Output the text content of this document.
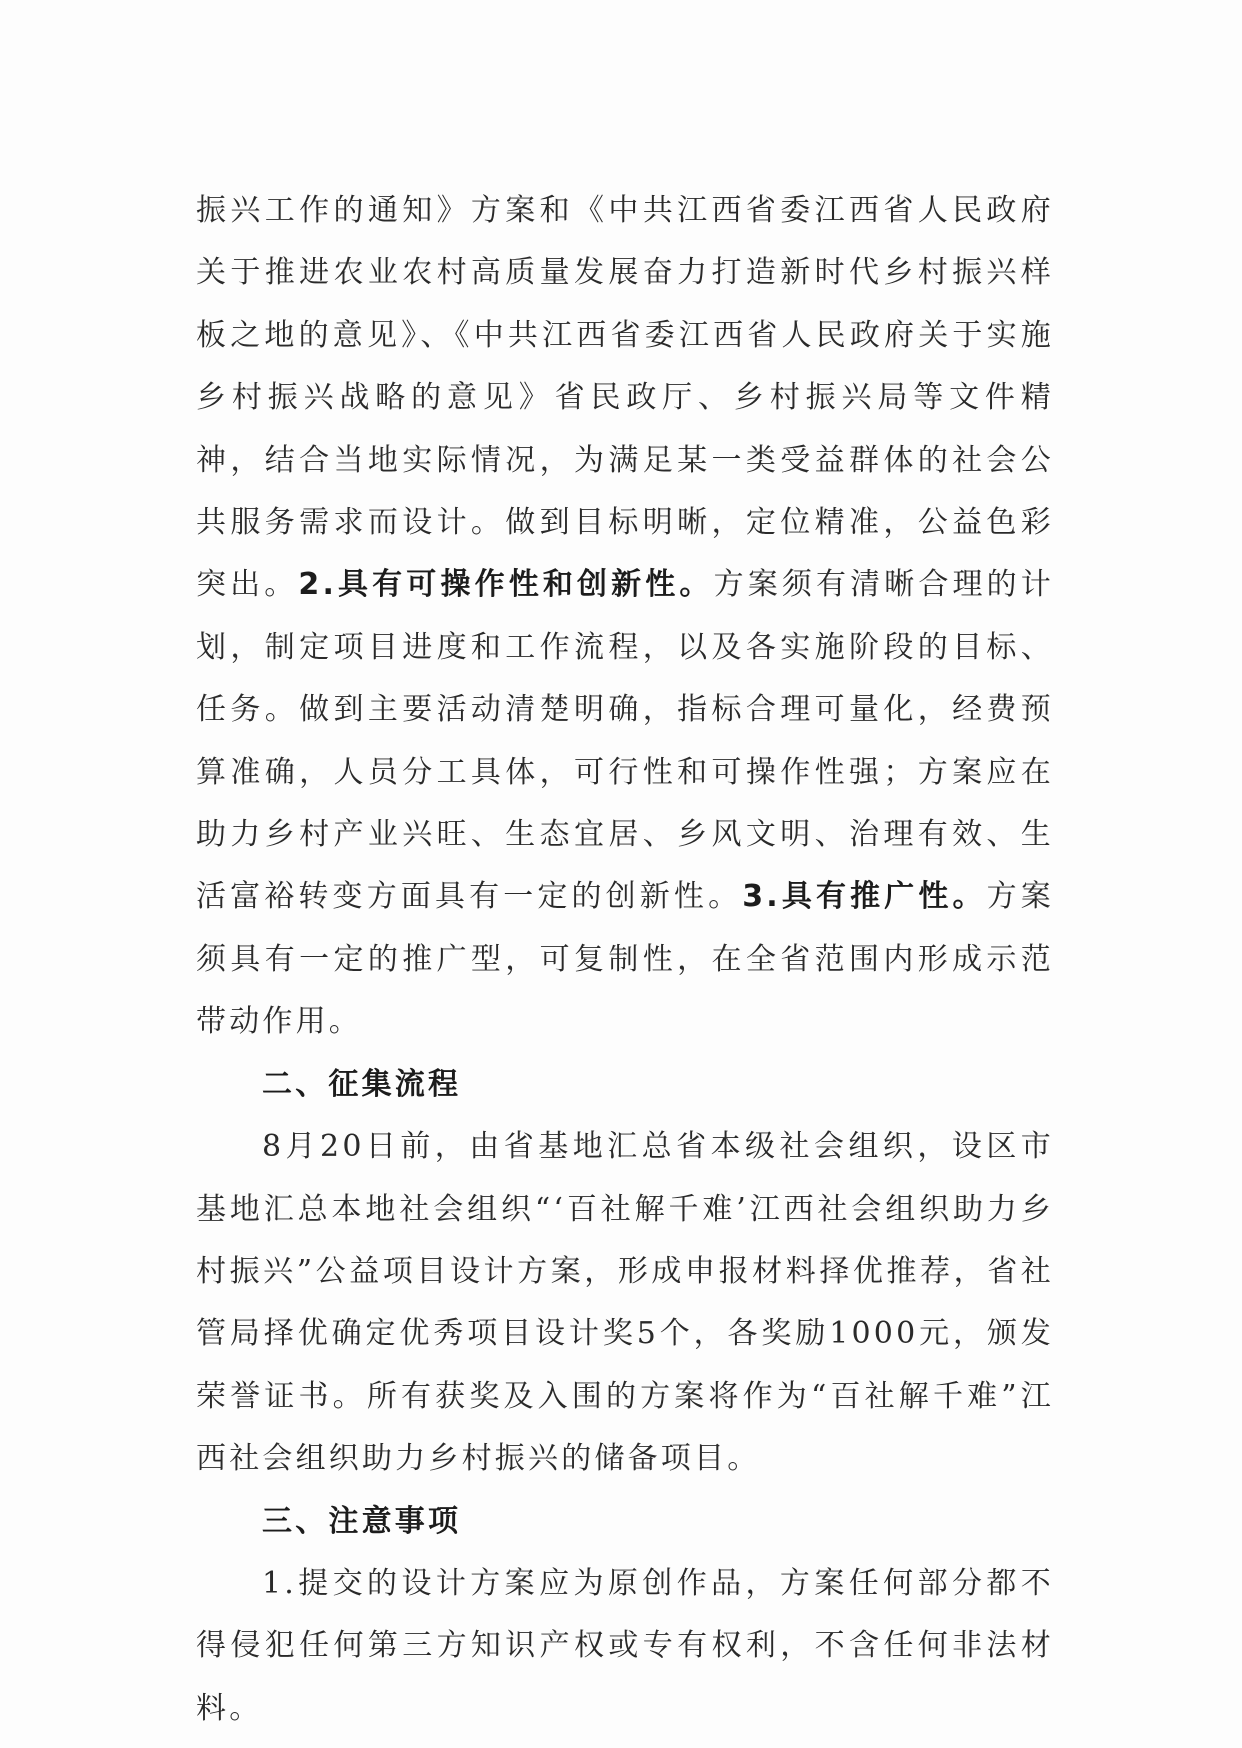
振兴工作的通知》方案和《中共江西省委江西省人民政府关于推进农业农村高质量发展奋力打造新时代乡村振兴样板之地的意见》、《中共江西省委江西省人民政府关于实施乡村振兴战略的意见》省民政厅、乡村振兴局等文件精神，结合当地实际情况，为满足某一类受益群体的社会公共服务需求而设计。做到目标明晰，定位精准，公益色彩突出。2.具有可操作性和创新性。方案须有清晰合理的计划，制定项目进度和工作流程，以及各实施阶段的目标、任务。做到主要活动清楚明确，指标合理可量化，经费预算准确，人员分工具体，可行性和可操作性强；方案应在助力乡村产业兴旺、生态宜居、乡风文明、治理有效、生活富裕转变方面具有一定的创新性。3.具有推广性。方案须具有一定的推广型，可复制性，在全省范围内形成示范带动作用。

二、征集流程

8月20日前，由省基地汇总省本级社会组织，设区市基地汇总本地社会组织“‘百社解千难’江西社会组织助力乡村振兴”公益项目设计方案，形成申报材料择优推荐，省社管局择优确定优秀项目设计奖5个，各奖励1000元，颁发荣誉证书。所有获奖及入围的方案将作为“百社解千难”江西社会组织助力乡村振兴的储备项目。

三、注意事项

1.提交的设计方案应为原创作品，方案任何部分都不得侵犯任何第三方知识产权或专有权利，不含任何非法材料。
